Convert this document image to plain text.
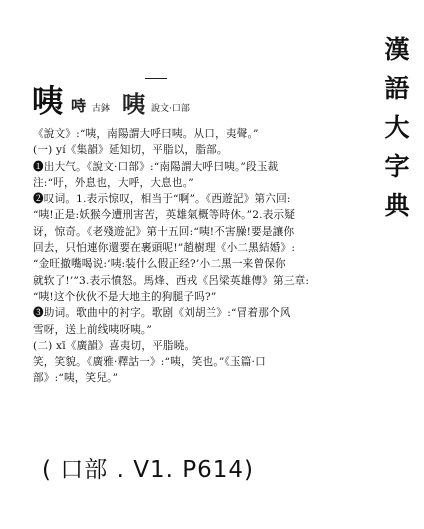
漢
語
大
字
典
咦 𠱾 古鉢 咦 說文·口部

《說文》:“咦，南陽謂大呼曰咦。从口，夷聲。”

(一) yí《集韻》延知切，平脂以，脂部。

❶出大气。《說文·口部》:“南陽謂大呼曰咦。”段玉裁

注:“吁，外息也，大呼，大息也。”

❷叹词。1.表示惊叹，相当于“啊”。《西遊記》第六回:

“咦!正是:妖猴今遭刑害苦，英雄氣概等時休。”2.表示疑

讶，惊奇。《老殘遊記》第十五回:“咦!不害臊!要是讓你

回去，只怕連你還要在裹頭呢!”趙樹理《小二黑結婚》:

“金旺撤嘴喝说:‘咦:装什么假正经?’小二黑一来曾保你

就软了!’”3.表示憤怒。馬烽、西戎《呂梁英雄傳》第三章:

“咦!这个伙伙不是大地主的狗腿子吗?”

❸助词。歌曲中的衬字。歌剧《刘胡兰》:“冒着那个风

雪呀，送上前线咦呀咦。”

(二) xī《廣韻》喜夷切，平脂曉。

笑，笑貌。《廣雅·釋詁一》:“咦，笑也。”《玉篇·口

部》:“咦，笑兒。”

( 口部 . V1. P614)
